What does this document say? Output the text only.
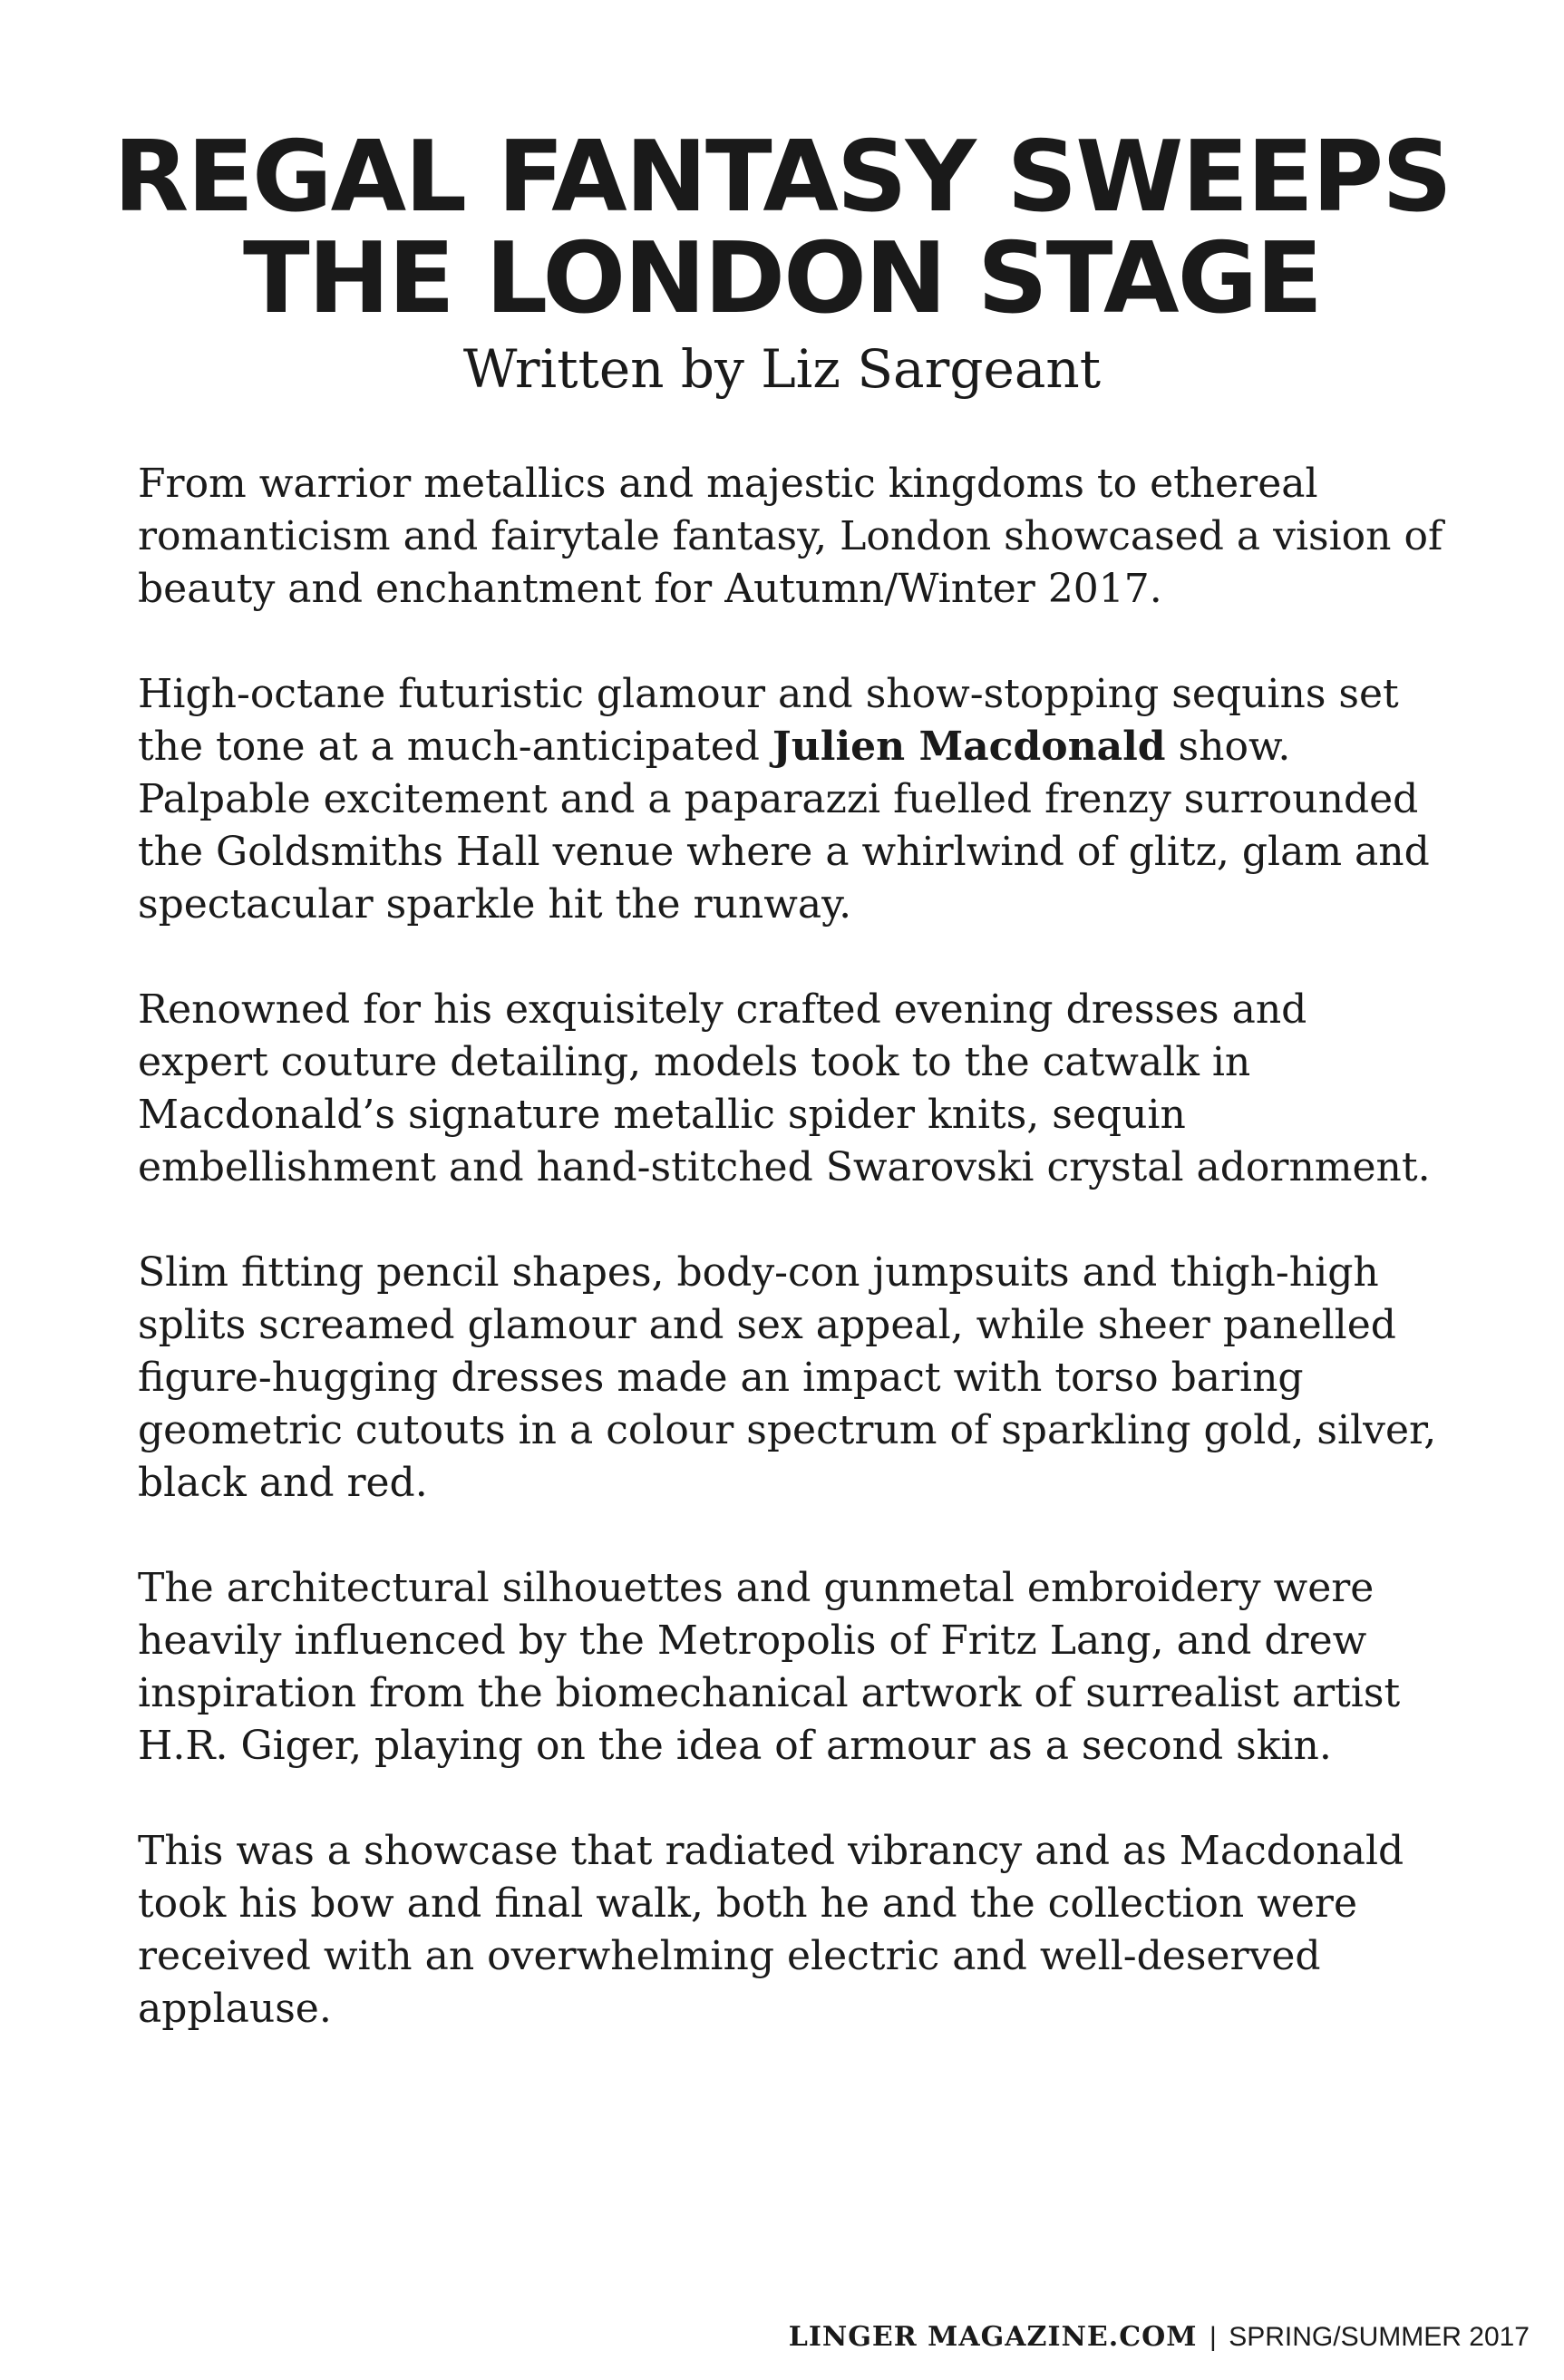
REGAL FANTASY SWEEPS
THE LONDON STAGE
Written by Liz Sargeant

From warrior metallics and majestic kingdoms to ethereal romanticism and fairytale fantasy, London showcased a vision of beauty and enchantment for Autumn/Winter 2017.

High-octane futuristic glamour and show-stopping sequins set the tone at a much-anticipated Julien Macdonald show. Palpable excitement and a paparazzi fuelled frenzy surrounded the Goldsmiths Hall venue where a whirlwind of glitz, glam and spectacular sparkle hit the runway.

Renowned for his exquisitely crafted evening dresses and expert couture detailing, models took to the catwalk in Macdonald’s signature metallic spider knits, sequin embellishment and hand-stitched Swarovski crystal adornment.

Slim fitting pencil shapes, body-con jumpsuits and thigh-high splits screamed glamour and sex appeal, while sheer panelled figure-hugging dresses made an impact with torso baring geometric cutouts in a colour spectrum of sparkling gold, silver, black and red.

The architectural silhouettes and gunmetal embroidery were heavily influenced by the Metropolis of Fritz Lang, and drew inspiration from the biomechanical artwork of surrealist artist H.R. Giger, playing on the idea of armour as a second skin.

This was a showcase that radiated vibrancy and as Macdonald took his bow and final walk, both he and the collection were received with an overwhelming electric and well-deserved applause.

LINGER MAGAZINE.COM | SPRING/SUMMER 2017
